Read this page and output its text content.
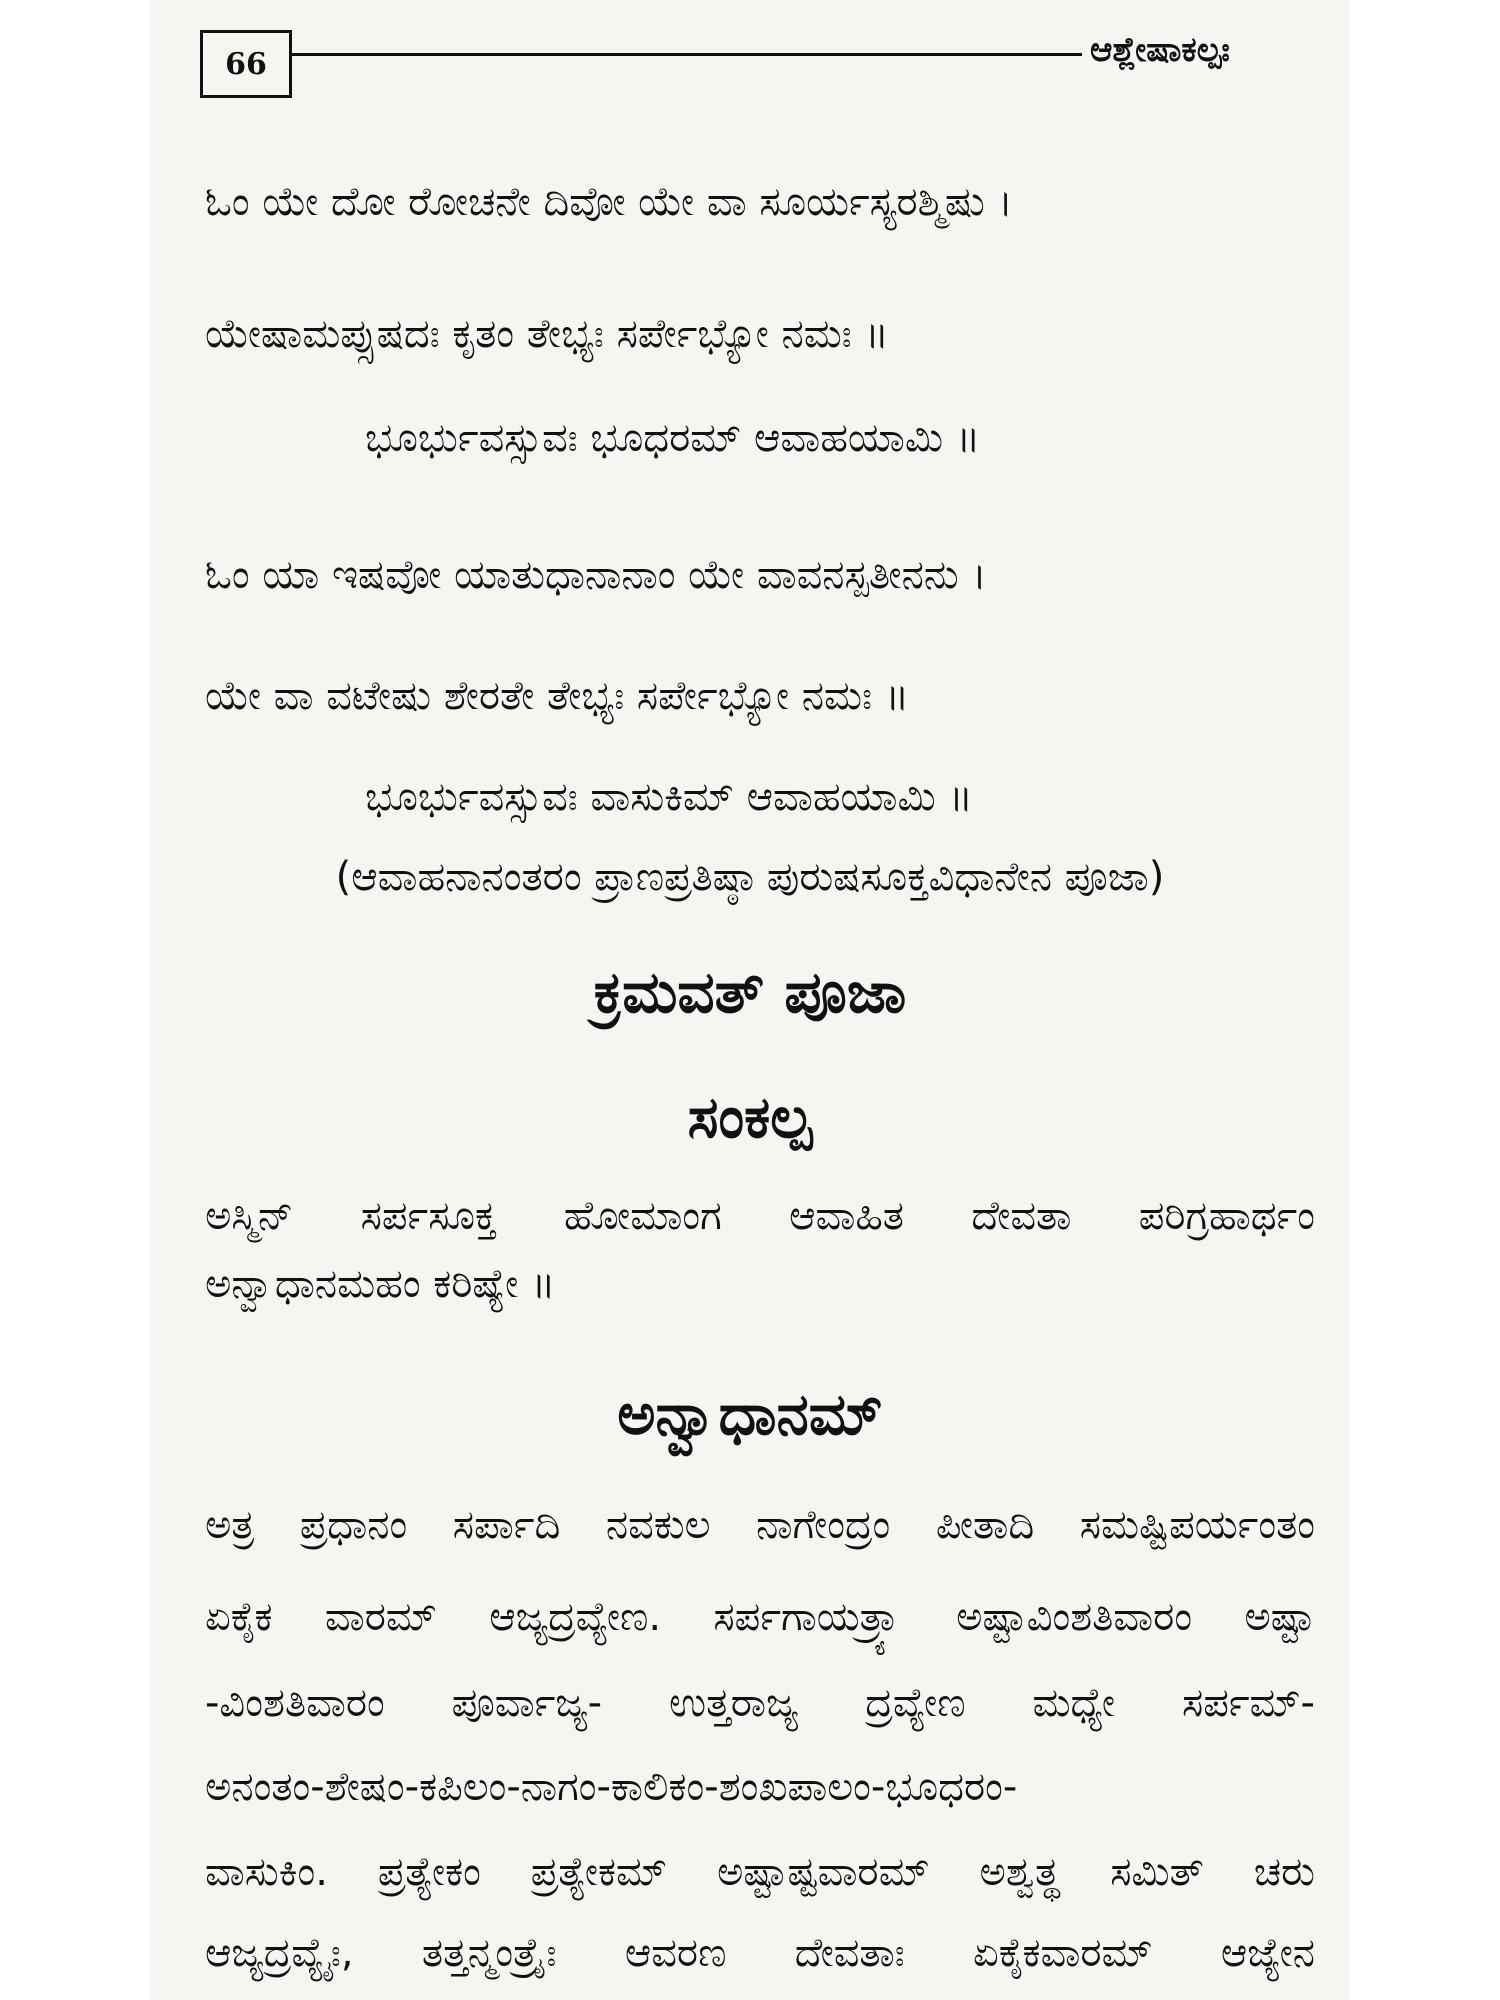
66	ಆಶ್ಲೇಷಾಕಲ್ಪಃ
ಓಂ ಯೇ ದೋ ರೋಚನೇ ದಿವೋ ಯೇ ವಾ ಸೂರ್ಯಸ್ಯರಶ್ಮಿಷು ।
ಯೇಷಾಮಪ್ಸುಷದಃ ಕೃತಂ ತೇಭ್ಯಃ ಸರ್ಪೇಭ್ಯೋ ನಮಃ ॥
ಭೂರ್ಭುವಸ್ಸುವಃ ಭೂಧರಮ್ ಆವಾಹಯಾಮಿ ॥
ಓಂ ಯಾ ಇಷವೋ ಯಾತುಧಾನಾನಾಂ ಯೇ ವಾವನಸ್ಪತೀನನು ।
ಯೇ ವಾ ವಟೇಷು ಶೇರತೇ ತೇಭ್ಯಃ ಸರ್ಪೇಭ್ಯೋ ನಮಃ ॥
ಭೂರ್ಭುವಸ್ಸುವಃ ವಾಸುಕಿಮ್ ಆವಾಹಯಾಮಿ ॥
(ಆವಾಹನಾನಂತರಂ ಪ್ರಾಣಪ್ರತಿಷ್ಠಾ ಪುರುಷಸೂಕ್ತವಿಧಾನೇನ ಪೂಜಾ)
ಕ್ರಮವತ್ ಪೂಜಾ
ಸಂಕಲ್ಪ
ಅಸ್ಮಿನ್ ಸರ್ಪಸೂಕ್ತ ಹೋಮಾಂಗ ಆವಾಹಿತ ದೇವತಾ ಪರಿಗ್ರಹಾರ್ಥಂ
ಅನ್ವಾಧಾನಮಹಂ ಕರಿಷ್ಯೇ ॥
ಅನ್ವಾಧಾನಮ್
ಅತ್ರ ಪ್ರಧಾನಂ ಸರ್ಪಾದಿ ನವಕುಲ ನಾಗೇಂದ್ರಂ ಪೀತಾದಿ ಸಮಷ್ಟಿಪರ್ಯಂತಂ
ಏಕೈಕ ವಾರಮ್ ಆಜ್ಯದ್ರವ್ಯೇಣ. ಸರ್ಪಗಾಯತ್ರ್ಯಾ ಅಷ್ಟಾವಿಂಶತಿವಾರಂ ಅಷ್ಟಾ
-ವಿಂಶತಿವಾರಂ ಪೂರ್ವಾಜ್ಯ- ಉತ್ತರಾಜ್ಯ ದ್ರವ್ಯೇಣ ಮಧ್ಯೇ ಸರ್ಪಮ್-
ಅನಂತಂ-ಶೇಷಂ-ಕಪಿಲಂ-ನಾಗಂ-ಕಾಲಿಕಂ-ಶಂಖಪಾಲಂ-ಭೂಧರಂ-
ವಾಸುಕಿಂ. ಪ್ರತ್ಯೇಕಂ ಪ್ರತ್ಯೇಕಮ್ ಅಷ್ಟಾಷ್ಟವಾರಮ್ ಅಶ್ವತ್ಥ ಸಮಿತ್ ಚರು
ಆಜ್ಯದ್ರವ್ಯೈಃ, ತತ್ತನ್ಮಂತ್ರೈಃ ಆವರಣ ದೇವತಾಃ ಏಕೈಕವಾರಮ್ ಆಜ್ಯೇನ
